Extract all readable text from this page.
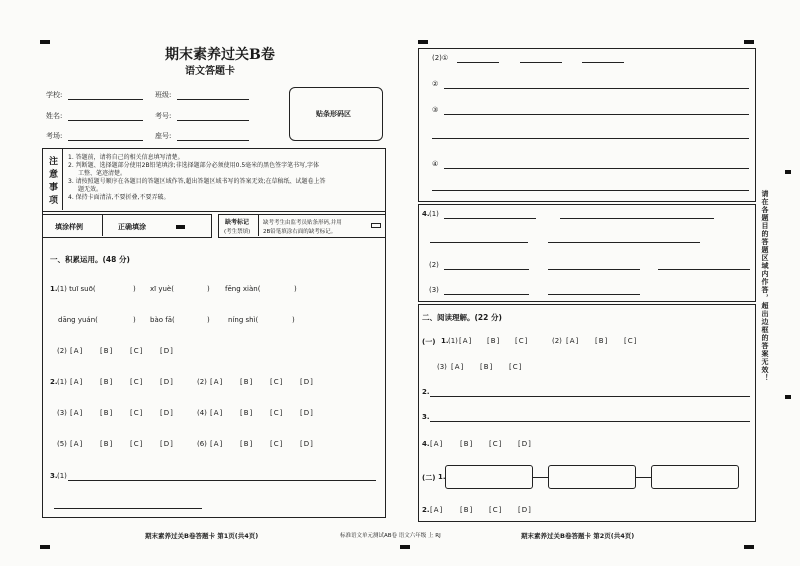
期末素养过关B卷
语文答题卡
学校:	班级:
姓名:	考号:
考场:	座号:
贴条形码区
注
意
事
项
1. 答题前，请将自己的相关信息填写清楚。
2. 判断题、选择题部分使用2B铅笔填涂;非选择题部分必须使用0.5毫米的黑色签字笔书写,字体
工整、笔迹清楚。
3. 请按照题号顺序在各题目的答题区域作答,超出答题区域书写的答案无效;在草稿纸、试题卷上答
题无效。
4. 保持卡面清洁,不要折叠,不要弄破。
填涂样例	正确填涂
缺考标记
(考生禁填)
缺考考生由监考员贴条形码,并用
2B铅笔填涂右面的缺考标记。
一、积累运用。(48 分)
1. (1) tuī suō(	) xī yuè(	) fēng xiàn(	)
dāng yuán(	) bào fā(	)	níng shì(	)
(2) [A] [B] [C] [D]
2. (1) [A] [B] [C] [D]	(2) [A] [B] [C] [D]
(3) [A] [B] [C] [D]	(4) [A] [B] [C] [D]
(5) [A] [B] [C] [D]	(6) [A] [B] [C] [D]
3. (1)
期末素养过关B卷答题卡 第1页(共4页)
(2)①
②
③
④
4. (1)
(2)
(3)
二、阅读理解。(22 分)
(一) 1. (1) [A] [B] [C]	(2) [A] [B] [C]
(3) [A] [B] [C]
2.
3.
4. [A] [B] [C] [D]
(二) 1.
2. [A] [B] [C] [D]
标准语文单元测试AB卷 语文六年级 上 RJ	期末素养过关B卷答题卡 第2页(共4页)
请在各题目的答题区域内作答，超出边框的答案无效！
